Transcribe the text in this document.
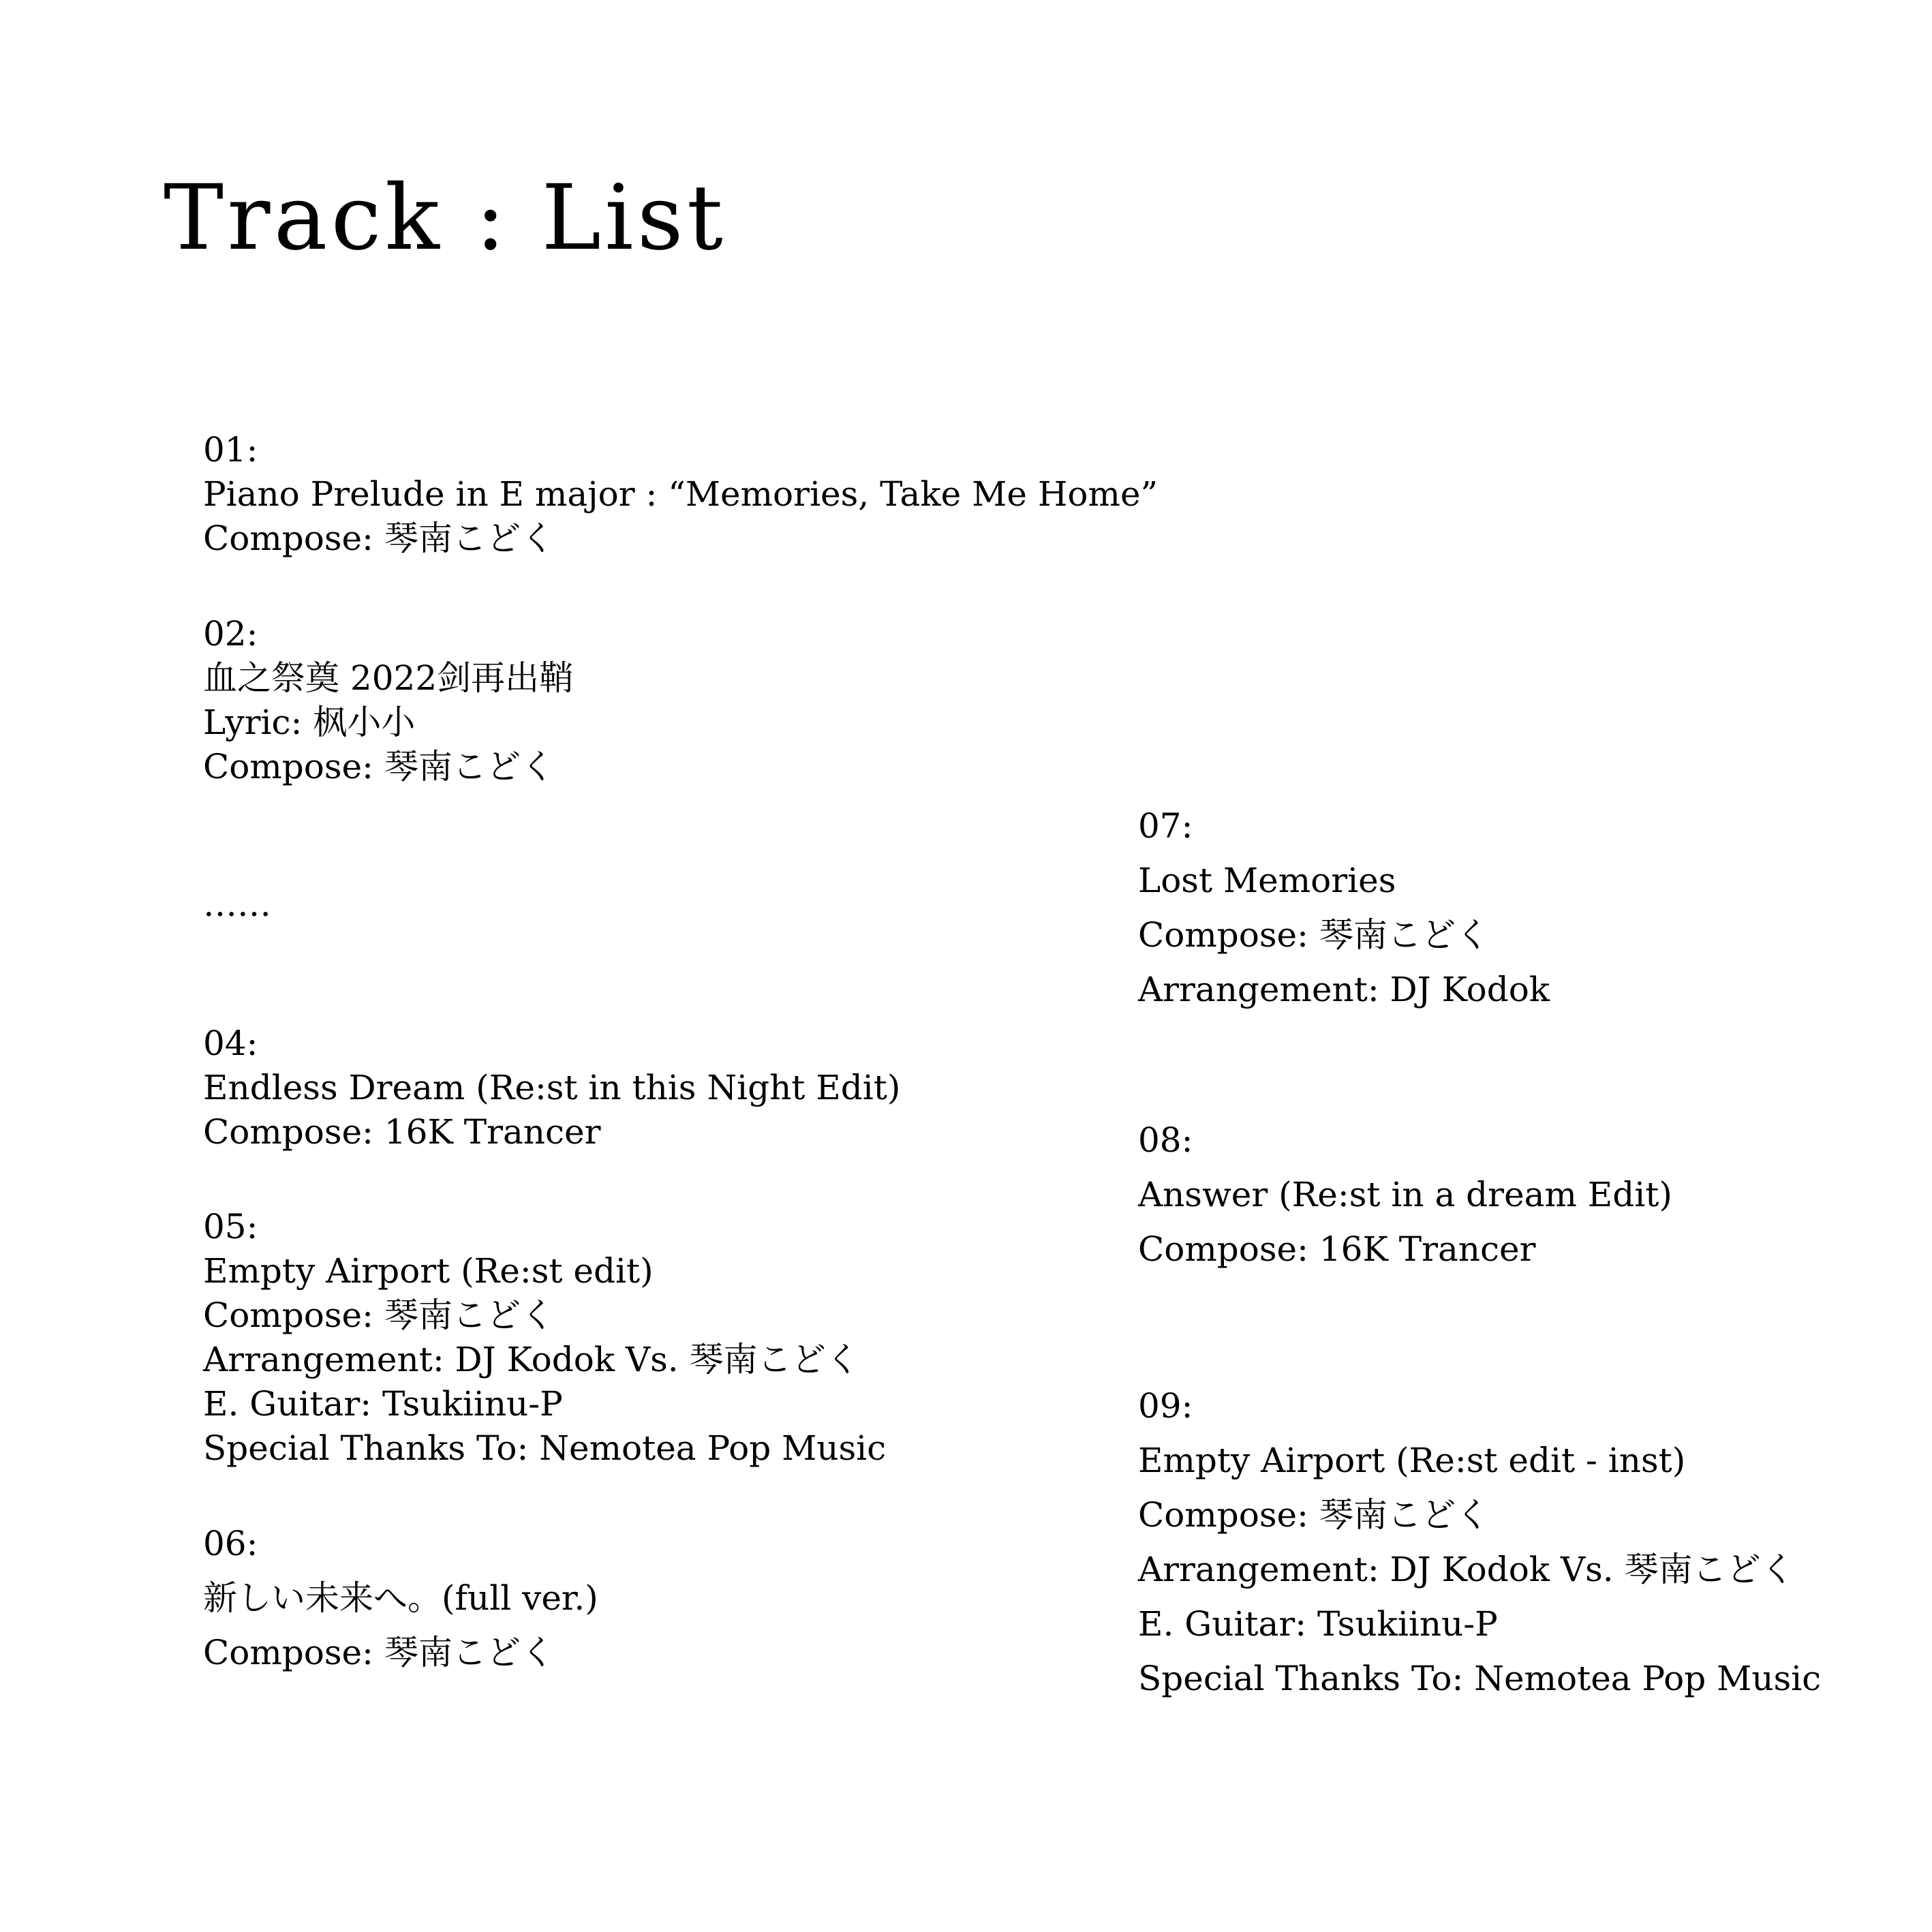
Track : List
01:
Piano Prelude in E major : “Memories, Take Me Home”
Compose: 琴南こどく
02:
血之祭奠 2022剑再出鞘
Lyric: 枫小小
Compose: 琴南こどく
……
04:
Endless Dream (Re:st in this Night Edit)
Compose: 16K Trancer
05:
Empty Airport (Re:st edit)
Compose: 琴南こどく
Arrangement: DJ Kodok Vs. 琴南こどく
E. Guitar: Tsukiinu-P
Special Thanks To: Nemotea Pop Music
06:
新しい未来へ。(full ver.)
Compose: 琴南こどく
07:
Lost Memories
Compose: 琴南こどく
Arrangement: DJ Kodok
08:
Answer (Re:st in a dream Edit)
Compose: 16K Trancer
09:
Empty Airport (Re:st edit - inst)
Compose: 琴南こどく
Arrangement: DJ Kodok Vs. 琴南こどく
E. Guitar: Tsukiinu-P
Special Thanks To: Nemotea Pop Music
